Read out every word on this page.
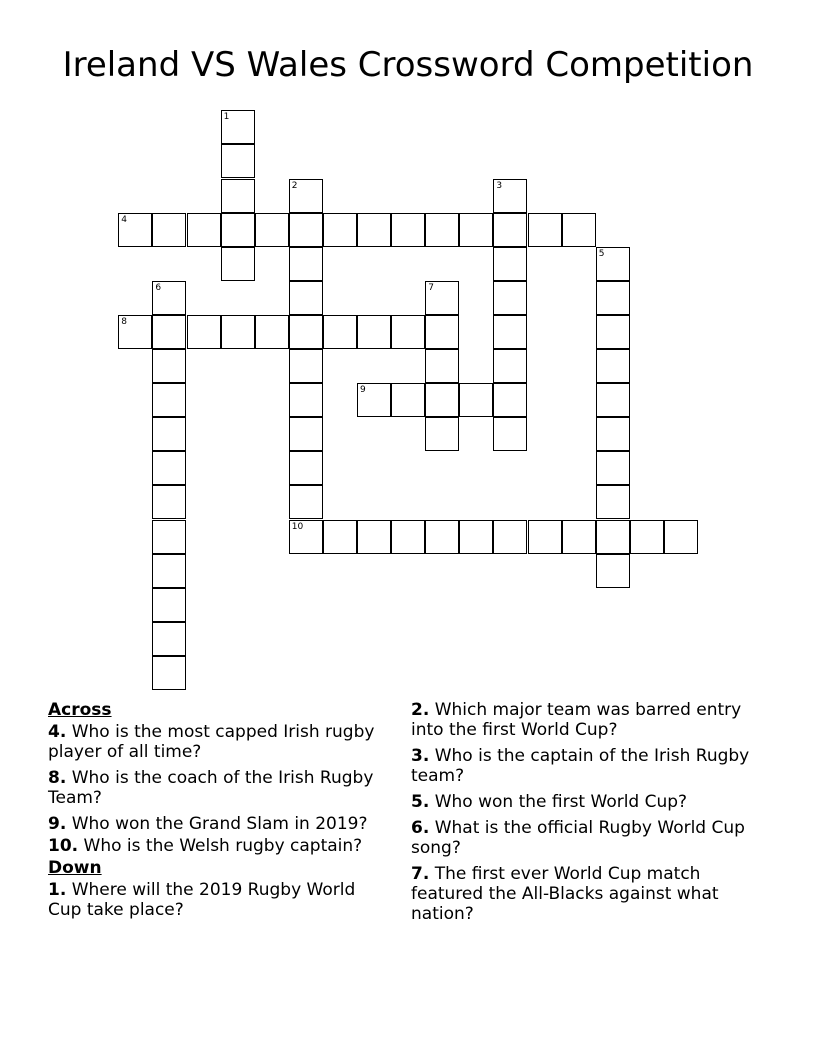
Ireland VS Wales Crossword Competition
1
2	3
4
5
6	7
8
9
10
Across
4. Who is the most capped Irish rugby player of all time?
8. Who is the coach of the Irish Rugby Team?
9. Who won the Grand Slam in 2019?
10. Who is the Welsh rugby captain?
Down
1. Where will the 2019 Rugby World Cup take place?
2. Which major team was barred entry into the first World Cup?
3. Who is the captain of the Irish Rugby team?
5. Who won the first World Cup?
6. What is the official Rugby World Cup song?
7. The first ever World Cup match featured the All-Blacks against what nation?
